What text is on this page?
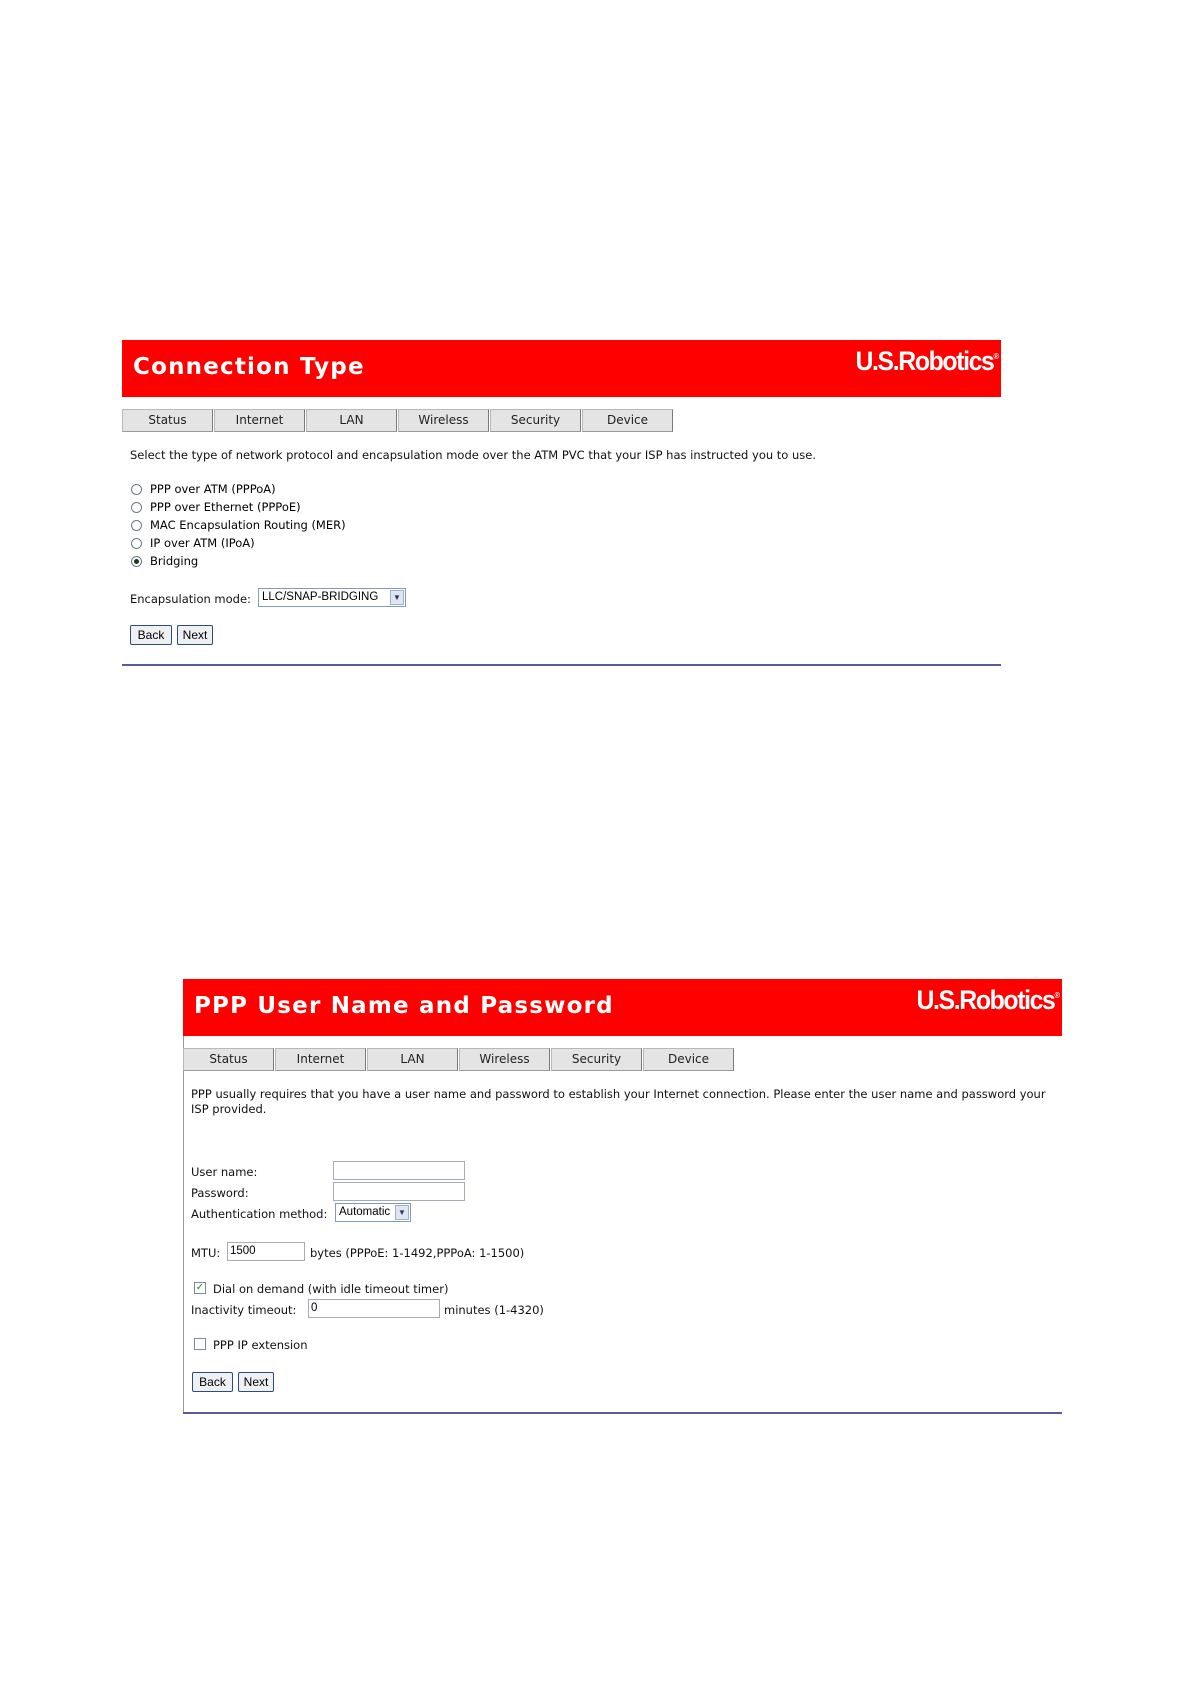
Connection Type	U.S.Robotics®
Status	Internet	LAN	Wireless	Security	Device
Select the type of network protocol and encapsulation mode over the ATM PVC that your ISP has instructed you to use.
PPP over ATM (PPPoA)
PPP over Ethernet (PPPoE)
MAC Encapsulation Routing (MER)
IP over ATM (IPoA)
Bridging
Encapsulation mode: LLC/SNAP-BRIDGING	▼
Back	Next
PPP User Name and Password	U.S.Robotics®
Status	Internet	LAN	Wireless	Security	Device
PPP usually requires that you have a user name and password to establish your Internet connection. Please enter the user name and password your ISP provided.
User name:
Password:
Authentication method:	Automatic ▼
MTU: 1500	bytes (PPPoE: 1-1492,PPPoA: 1-1500)
✓ Dial on demand (with idle timeout timer)
Inactivity timeout: 0	minutes (1-4320)
PPP IP extension
Back	Next
